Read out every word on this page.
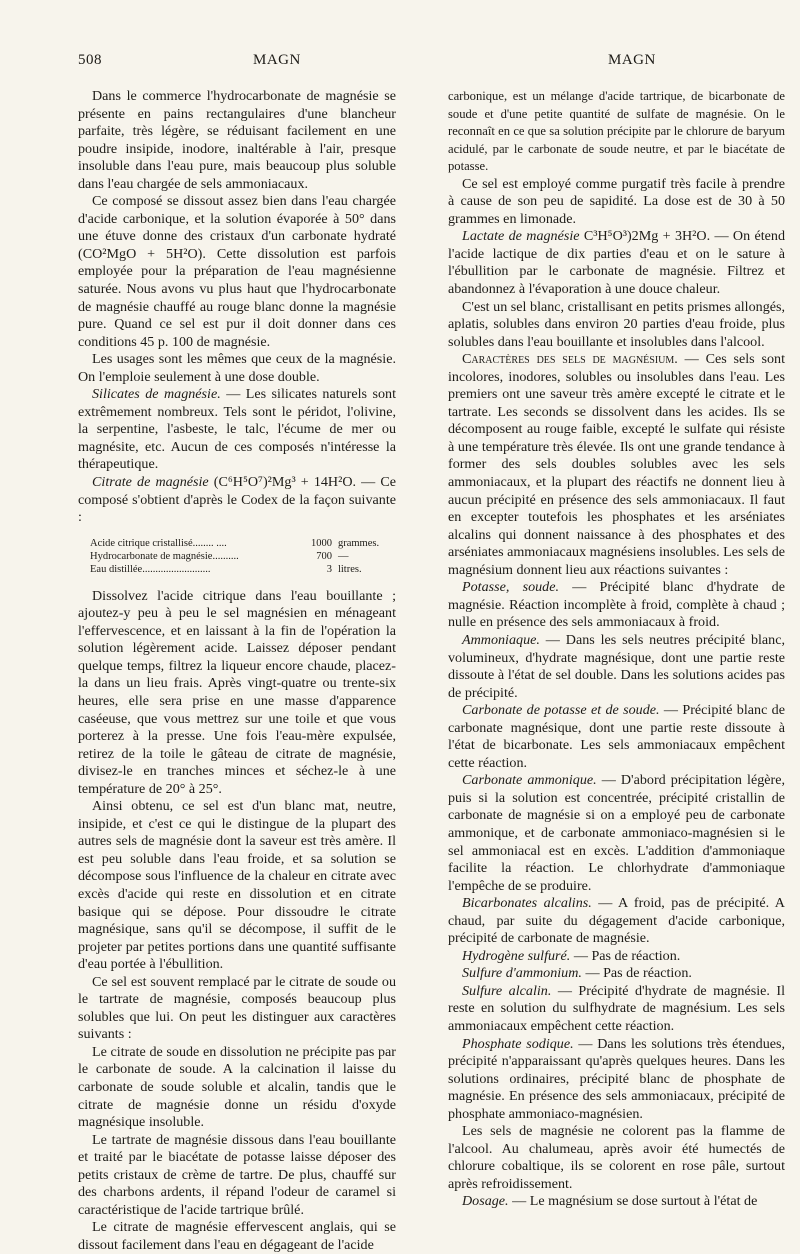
508	MAGN	MAGN

Dans le commerce l'hydrocarbonate de magnésie se présente en pains rectangulaires d'une blancheur parfaite, très légère, se réduisant facilement en une poudre insipide, inodore, inaltérable à l'air, presque insoluble dans l'eau pure, mais beaucoup plus soluble dans l'eau chargée de sels ammoniacaux.

Ce composé se dissout assez bien dans l'eau chargée d'acide carbonique, et la solution évaporée à 50° dans une étuve donne des cristaux d'un carbonate hydraté (CO²MgO + 5H²O). Cette dissolution est parfois employée pour la préparation de l'eau magnésienne saturée. Nous avons vu plus haut que l'hydrocarbonate de magnésie chauffé au rouge blanc donne la magnésie pure. Quand ce sel est pur il doit donner dans ces conditions 45 p. 100 de magnésie.

Les usages sont les mêmes que ceux de la magnésie. On l'emploie seulement à une dose double.

Silicates de magnésie. — Les silicates naturels sont extrêmement nombreux. Tels sont le péridot, l'olivine, la serpentine, l'asbeste, le talc, l'écume de mer ou magnésite, etc. Aucun de ces composés n'intéresse la thérapeutique.

Citrate de magnésie (C⁶H⁵O⁷)²Mg³ + 14H²O. — Ce composé s'obtient d'après le Codex de la façon suivante :

Acide citrique cristallisé........ ....	1000	grammes.
Hydrocarbonate de magnésie..........	700	—
Eau distillée..........................	3	litres.

Dissolvez l'acide citrique dans l'eau bouillante ; ajoutez-y peu à peu le sel magnésien en ménageant l'effervescence, et en laissant à la fin de l'opération la solution légèrement acide. Laissez déposer pendant quelque temps, filtrez la liqueur encore chaude, placez-la dans un lieu frais. Après vingt-quatre ou trente-six heures, elle sera prise en une masse d'apparence caséeuse, que vous mettrez sur une toile et que vous porterez à la presse. Une fois l'eau-mère expulsée, retirez de la toile le gâteau de citrate de magnésie, divisez-le en tranches minces et séchez-le à une température de 20° à 25°.

Ainsi obtenu, ce sel est d'un blanc mat, neutre, insipide, et c'est ce qui le distingue de la plupart des autres sels de magnésie dont la saveur est très amère. Il est peu soluble dans l'eau froide, et sa solution se décompose sous l'influence de la chaleur en citrate avec excès d'acide qui reste en dissolution et en citrate basique qui se dépose. Pour dissoudre le citrate magnésique, sans qu'il se décompose, il suffit de le projeter par petites portions dans une quantité suffisante d'eau portée à l'ébullition.

Ce sel est souvent remplacé par le citrate de soude ou le tartrate de magnésie, composés beaucoup plus solubles que lui. On peut les distinguer aux caractères suivants :

Le citrate de soude en dissolution ne précipite pas par le carbonate de soude. A la calcination il laisse du carbonate de soude soluble et alcalin, tandis que le citrate de magnésie donne un résidu d'oxyde magnésique insoluble.

Le tartrate de magnésie dissous dans l'eau bouillante et traité par le biacétate de potasse laisse déposer des petits cristaux de crème de tartre. De plus, chauffé sur des charbons ardents, il répand l'odeur de caramel si caractéristique de l'acide tartrique brûlé.

Le citrate de magnésie effervescent anglais, qui se dissout facilement dans l'eau en dégageant de l'acide

carbonique, est un mélange d'acide tartrique, de bicarbonate de soude et d'une petite quantité de sulfate de magnésie. On le reconnaît en ce que sa solution précipite par le chlorure de baryum acidulé, par le carbonate de soude neutre, et par le biacétate de potasse.

Ce sel est employé comme purgatif très facile à prendre à cause de son peu de sapidité. La dose est de 30 à 50 grammes en limonade.

Lactate de magnésie C³H⁵O³)2Mg + 3H²O. — On étend l'acide lactique de dix parties d'eau et on le sature à l'ébullition par le carbonate de magnésie. Filtrez et abandonnez à l'évaporation à une douce chaleur.

C'est un sel blanc, cristallisant en petits prismes allongés, aplatis, solubles dans environ 20 parties d'eau froide, plus solubles dans l'eau bouillante et insolubles dans l'alcool.

Caractères des sels de magnésium. — Ces sels sont incolores, inodores, solubles ou insolubles dans l'eau. Les premiers ont une saveur très amère excepté le citrate et le tartrate. Les seconds se dissolvent dans les acides. Ils se décomposent au rouge faible, excepté le sulfate qui résiste à une température très élevée. Ils ont une grande tendance à former des sels doubles solubles avec les sels ammoniacaux, et la plupart des réactifs ne donnent lieu à aucun précipité en présence des sels ammoniacaux. Il faut en excepter toutefois les phosphates et les arséniates alcalins qui donnent naissance à des phosphates et des arséniates ammoniacaux magnésiens insolubles. Les sels de magnésium donnent lieu aux réactions suivantes :

Potasse, soude. — Précipité blanc d'hydrate de magnésie. Réaction incomplète à froid, complète à chaud ; nulle en présence des sels ammoniacaux à froid.

Ammoniaque. — Dans les sels neutres précipité blanc, volumineux, d'hydrate magnésique, dont une partie reste dissoute à l'état de sel double. Dans les solutions acides pas de précipité.

Carbonate de potasse et de soude. — Précipité blanc de carbonate magnésique, dont une partie reste dissoute à l'état de bicarbonate. Les sels ammoniacaux empêchent cette réaction.

Carbonate ammonique. — D'abord précipitation légère, puis si la solution est concentrée, précipité cristallin de carbonate de magnésie si on a employé peu de carbonate ammonique, et de carbonate ammoniaco-magnésien si le sel ammoniacal est en excès. L'addition d'ammoniaque facilite la réaction. Le chlorhydrate d'ammoniaque l'empêche de se produire.

Bicarbonates alcalins. — A froid, pas de précipité. A chaud, par suite du dégagement d'acide carbonique, précipité de carbonate de magnésie.

Hydrogène sulfuré. — Pas de réaction.

Sulfure d'ammonium. — Pas de réaction.

Sulfure alcalin. — Précipité d'hydrate de magnésie. Il reste en solution du sulfhydrate de magnésium. Les sels ammoniacaux empêchent cette réaction.

Phosphate sodique. — Dans les solutions très étendues, précipité n'apparaissant qu'après quelques heures. Dans les solutions ordinaires, précipité blanc de phosphate de magnésie. En présence des sels ammoniacaux, précipité de phosphate ammoniaco-magnésien.

Les sels de magnésie ne colorent pas la flamme de l'alcool. Au chalumeau, après avoir été humectés de chlorure cobaltique, ils se colorent en rose pâle, surtout après refroidissement.

Dosage. — Le magnésium se dose surtout à l'état de
